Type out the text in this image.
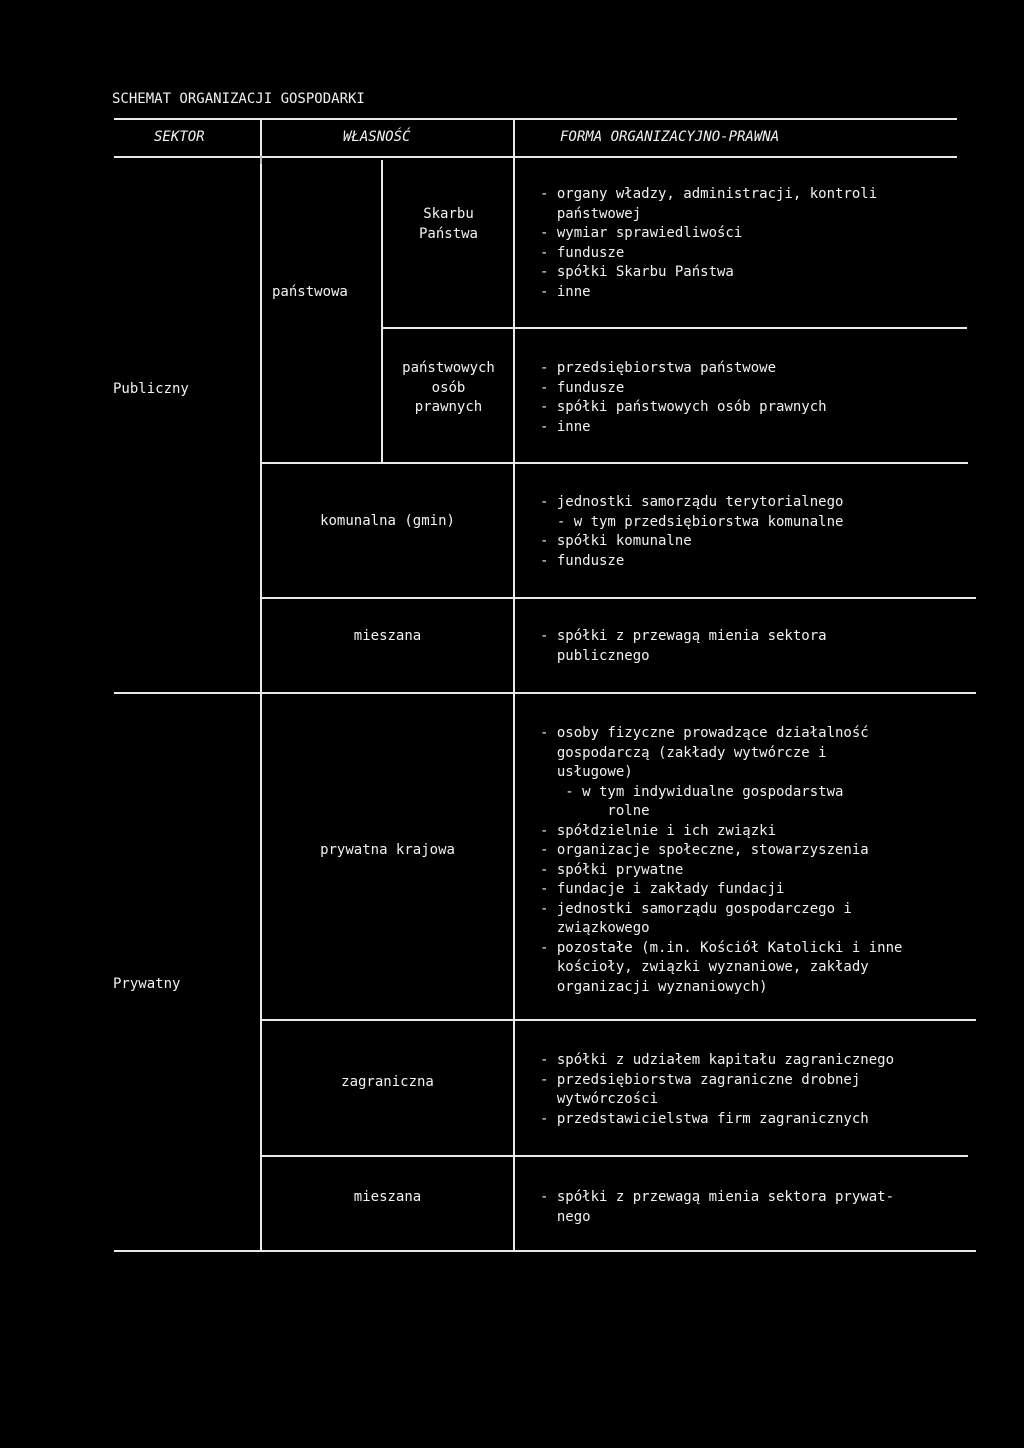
SCHEMAT ORGANIZACJI GOSPODARKI
SEKTOR	WŁASNOŚĆ	FORMA ORGANIZACYJNO-PRAWNA
Publiczny
Prywatny
państwowa
Skarbu
Państwa
państwowych
osób
prawnych
komunalna (gmin)
mieszana
prywatna krajowa
zagraniczna
mieszana
- organy władzy, administracji, kontroli
państwowej
- wymiar sprawiedliwości
- fundusze
- spółki Skarbu Państwa
- inne
- przedsiębiorstwa państwowe
- fundusze
- spółki państwowych osób prawnych
- inne
- jednostki samorządu terytorialnego
- w tym przedsiębiorstwa komunalne
- spółki komunalne
- fundusze
- spółki z przewagą mienia sektora
publicznego
- osoby fizyczne prowadzące działalność
gospodarczą (zakłady wytwórcze i
usługowe)
- w tym indywidualne gospodarstwa
rolne
- spółdzielnie i ich związki
- organizacje społeczne, stowarzyszenia
- spółki prywatne
- fundacje i zakłady fundacji
- jednostki samorządu gospodarczego i
związkowego
- pozostałe (m.in. Kościół Katolicki i inne
kościoły, związki wyznaniowe, zakłady
organizacji wyznaniowych)
- spółki z udziałem kapitału zagranicznego
- przedsiębiorstwa zagraniczne drobnej
wytwórczości
- przedstawicielstwa firm zagranicznych
- spółki z przewagą mienia sektora prywat-
nego
